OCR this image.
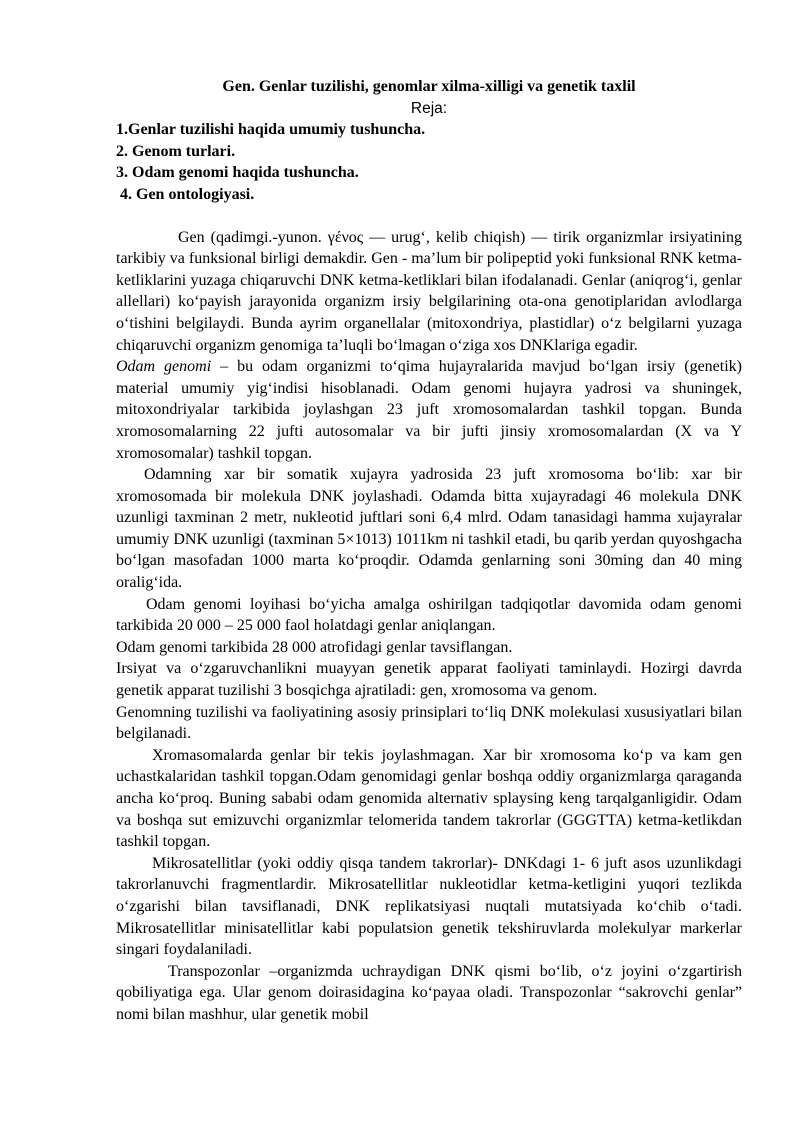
Gen. Genlar tuzilishi, genomlar xilma-xilligi va genetik taxlil
Reja:
1.Genlar tuzilishi haqida umumiy tushuncha.
2. Genom turlari.
3. Odam genomi haqida tushuncha.
4. Gen ontologiyasi.

Gen (qadimgi.-yunon. γένος — urug‘, kelib chiqish) — tirik organizmlar irsiyatining tarkibiy va funksional birligi demakdir. Gen - ma’lum bir polipeptid yoki funksional RNK ketma-ketliklarini yuzaga chiqaruvchi DNK ketma-ketliklari bilan ifodalanadi. Genlar (aniqrog‘i, genlar allellari) ko‘payish jarayonida organizm irsiy belgilarining ota-ona genotiplaridan avlodlarga o‘tishini belgilaydi. Bunda ayrim organellalar (mitoxondriya, plastidlar) o‘z belgilarni yuzaga chiqaruvchi organizm genomiga ta’luqli bo‘lmagan o‘ziga xos DNKlariga egadir.

Odam genomi – bu odam organizmi to‘qima hujayralarida mavjud bo‘lgan irsiy (genetik) material umumiy yig‘indisi hisoblanadi. Odam genomi hujayra yadrosi va shuningek, mitoxondriyalar tarkibida joylashgan 23 juft xromosomalardan tashkil topgan. Bunda xromosomalarning 22 jufti autosomalar va bir jufti jinsiy xromosomalardan (X va Y xromosomalar) tashkil topgan.

Odamning xar bir somatik xujayra yadrosida 23 juft xromosoma bo‘lib: xar bir xromosomada bir molekula DNK joylashadi. Odamda bitta xujayradagi 46 molekula DNK uzunligi taxminan 2 metr, nukleotid juftlari soni 6,4 mlrd. Odam tanasidagi hamma xujayralar umumiy DNK uzunligi (taxminan 5×1013) 1011km ni tashkil etadi, bu qarib yerdan quyoshgacha bo‘lgan masofadan 1000 marta ko‘proqdir. Odamda genlarning soni 30ming dan 40 ming oralig‘ida.

Odam genomi loyihasi bo‘yicha amalga oshirilgan tadqiqotlar davomida odam genomi tarkibida 20 000 – 25 000 faol holatdagi genlar aniqlangan.

Odam genomi tarkibida 28 000 atrofidagi genlar tavsiflangan.

Irsiyat va o‘zgaruvchanlikni muayyan genetik apparat faoliyati taminlaydi. Hozirgi davrda genetik apparat tuzilishi 3 bosqichga ajratiladi: gen, xromosoma va genom.

Genomning tuzilishi va faoliyatining asosiy prinsiplari to‘liq DNK molekulasi xususiyatlari bilan belgilanadi.

Xromasomalarda genlar bir tekis joylashmagan. Xar bir xromosoma ko‘p va kam gen uchastkalaridan tashkil topgan.Odam genomidagi genlar boshqa oddiy organizmlarga qaraganda ancha ko‘proq. Buning sababi odam genomida alternativ splaysing keng tarqalganligidir. Odam va boshqa sut emizuvchi organizmlar telomerida tandem takrorlar (GGGTTA) ketma-ketlikdan tashkil topgan.

Mikrosatellitlar (yoki oddiy qisqa tandem takrorlar)- DNKdagi 1- 6 juft asos uzunlikdagi takrorlanuvchi fragmentlardir. Mikrosatellitlar nukleotidlar ketma-ketligini yuqori tezlikda o‘zgarishi bilan tavsiflanadi, DNK replikatsiyasi nuqtali mutatsiyada ko‘chib o‘tadi. Mikrosatellitlar minisatellitlar kabi populatsion genetik tekshiruvlarda molekulyar markerlar singari foydalaniladi.

Transpozonlar –organizmda uchraydigan DNK qismi bo‘lib, o‘z joyini o‘zgartirish qobiliyatiga ega. Ular genom doirasidagina ko‘payaa oladi. Transpozonlar “sakrovchi genlar” nomi bilan mashhur, ular genetik mobil
